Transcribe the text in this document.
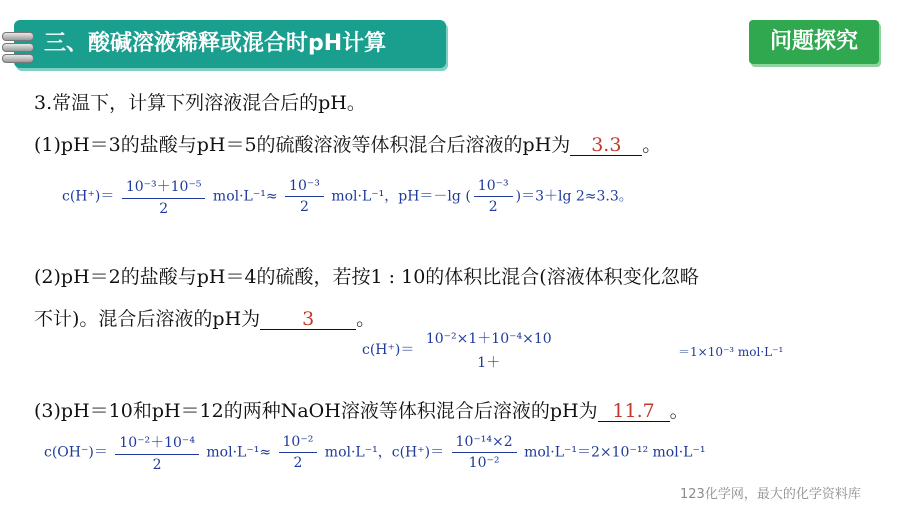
三、酸碱溶液稀释或混合时pH计算	问题探究
3.常温下，计算下列溶液混合后的pH。
(1)pH＝3的盐酸与pH＝5的硫酸溶液等体积混合后溶液的pH为 3.3 。
$c(H^+)= \frac{\text{10⁻³＋10⁻⁵}}{2} mol\cdot L^{-1}\approx \frac{\text{10⁻³}}{2} mol\cdot L^{-1}$，pH＝－lg ( $\frac{\text{10⁻³}}{2} )=3+\lg$ 2≈3.3。
(2)pH＝2的盐酸与pH＝4的硫酸，若按1 : 10的体积比混合(溶液体积变化忽略
不计)。混合后溶液的pH为 3 。
c(H⁺)＝
10⁻²×1＋10⁻⁴×10
1＋
＝1×10⁻³ mol·L⁻¹
(3)pH＝10和pH＝12的两种NaOH溶液等体积混合后溶液的pH为 11.7 。
$c(OH^-)= \frac{\text{10⁻²＋10⁻⁴}}{2} mol\cdot L^{-1}\approx \frac{\text{10⁻²}}{2} mol\cdot L^{-1}$，$c(H^+)= \frac{\text{10⁻¹⁴×2}}{\text{10⁻²}} mol\cdot L^{-1}=2\times 10^{-12}$ mol·L⁻¹
123化学网，最大的化学资料库
